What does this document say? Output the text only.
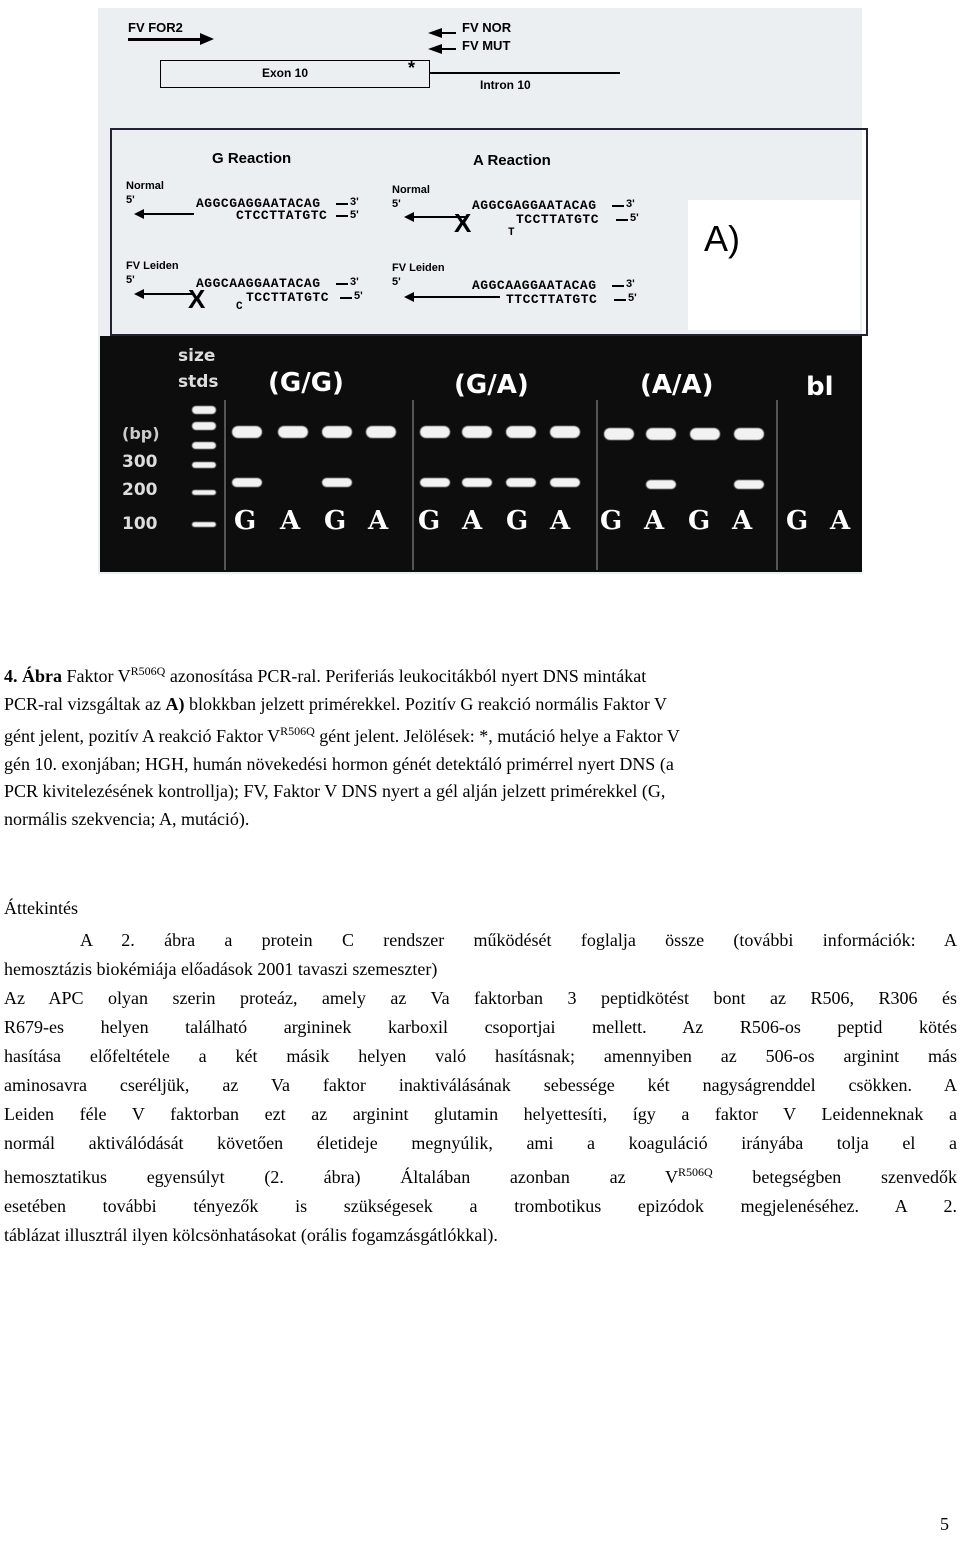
FV FOR2	FV NOR
FV MUT
Exon 10	*
Intron 10
G Reaction	A Reaction
Normal
5'	AGGCGAGGAATACAG	3'
CTCCTTATGTC 5'
Normal
5'	AGGCGAGGAATACAG	3'
X	T
TCCTTATGTC	5'
FV Leiden
5'	AGGCAAGGAATACAG	3'
X	C
TCCTTATGTC 5'
FV Leiden
5'	AGGCAAGGAATACAG	3'
TTCCTTATGTC	5'
A)
size
stds (G/G)	(G/A)	(A/A)	bl
(bp)
300
200
100
HGH
FV
G A G A G A G A G A G A G A
4. Ábra Faktor $V^{R506Q}$ azonosítása PCR-ral. Periferiás leukocitákból nyert DNS mintákat
PCR-ral vizsgáltak az A) blokkban jelzett primérekkel. Pozitív G reakció normális Faktor V
gént jelent, pozitív A reakció Faktor $V^{R506Q}$ gént jelent. Jelölések: *, mutáció helye a Faktor V
gén 10. exonjában; HGH, humán növekedési hormon génét detektáló primérrel nyert DNS (a
PCR kivitelezésének kontrollja); FV, Faktor V DNS nyert a gél alján jelzett primérekkel (G,
normális szekvencia; A, mutáció).
Áttekintés
A 2. ábra a protein C rendszer működését foglalja össze (további információk: A
hemosztázis biokémiája előadások 2001 tavaszi szemeszter)
Az APC olyan szerin proteáz, amely az Va faktorban 3 peptidkötést bont az R506, R306 és
R679-es helyen található argininek karboxil csoportjai mellett. Az R506-os peptid kötés
hasítása előfeltétele a két másik helyen való hasításnak; amennyiben az 506-os arginint más
aminosavra cseréljük, az Va faktor inaktiválásának sebessége két nagyságrenddel csökken. A
Leiden féle V faktorban ezt az arginint glutamin helyettesíti, így a faktor V Leidenneknak a
normál aktiválódását követően életideje megnyúlik, ami a koaguláció irányába tolja el a
hemosztatikus egyensúlyt (2. ábra) Általában azonban az $V^{R506Q}$ betegségben szenvedők
esetében további tényezők is szükségesek a trombotikus epizódok megjelenéséhez. A 2.
táblázat illusztrál ilyen kölcsönhatásokat (orális fogamzásgátlókkal).
5
